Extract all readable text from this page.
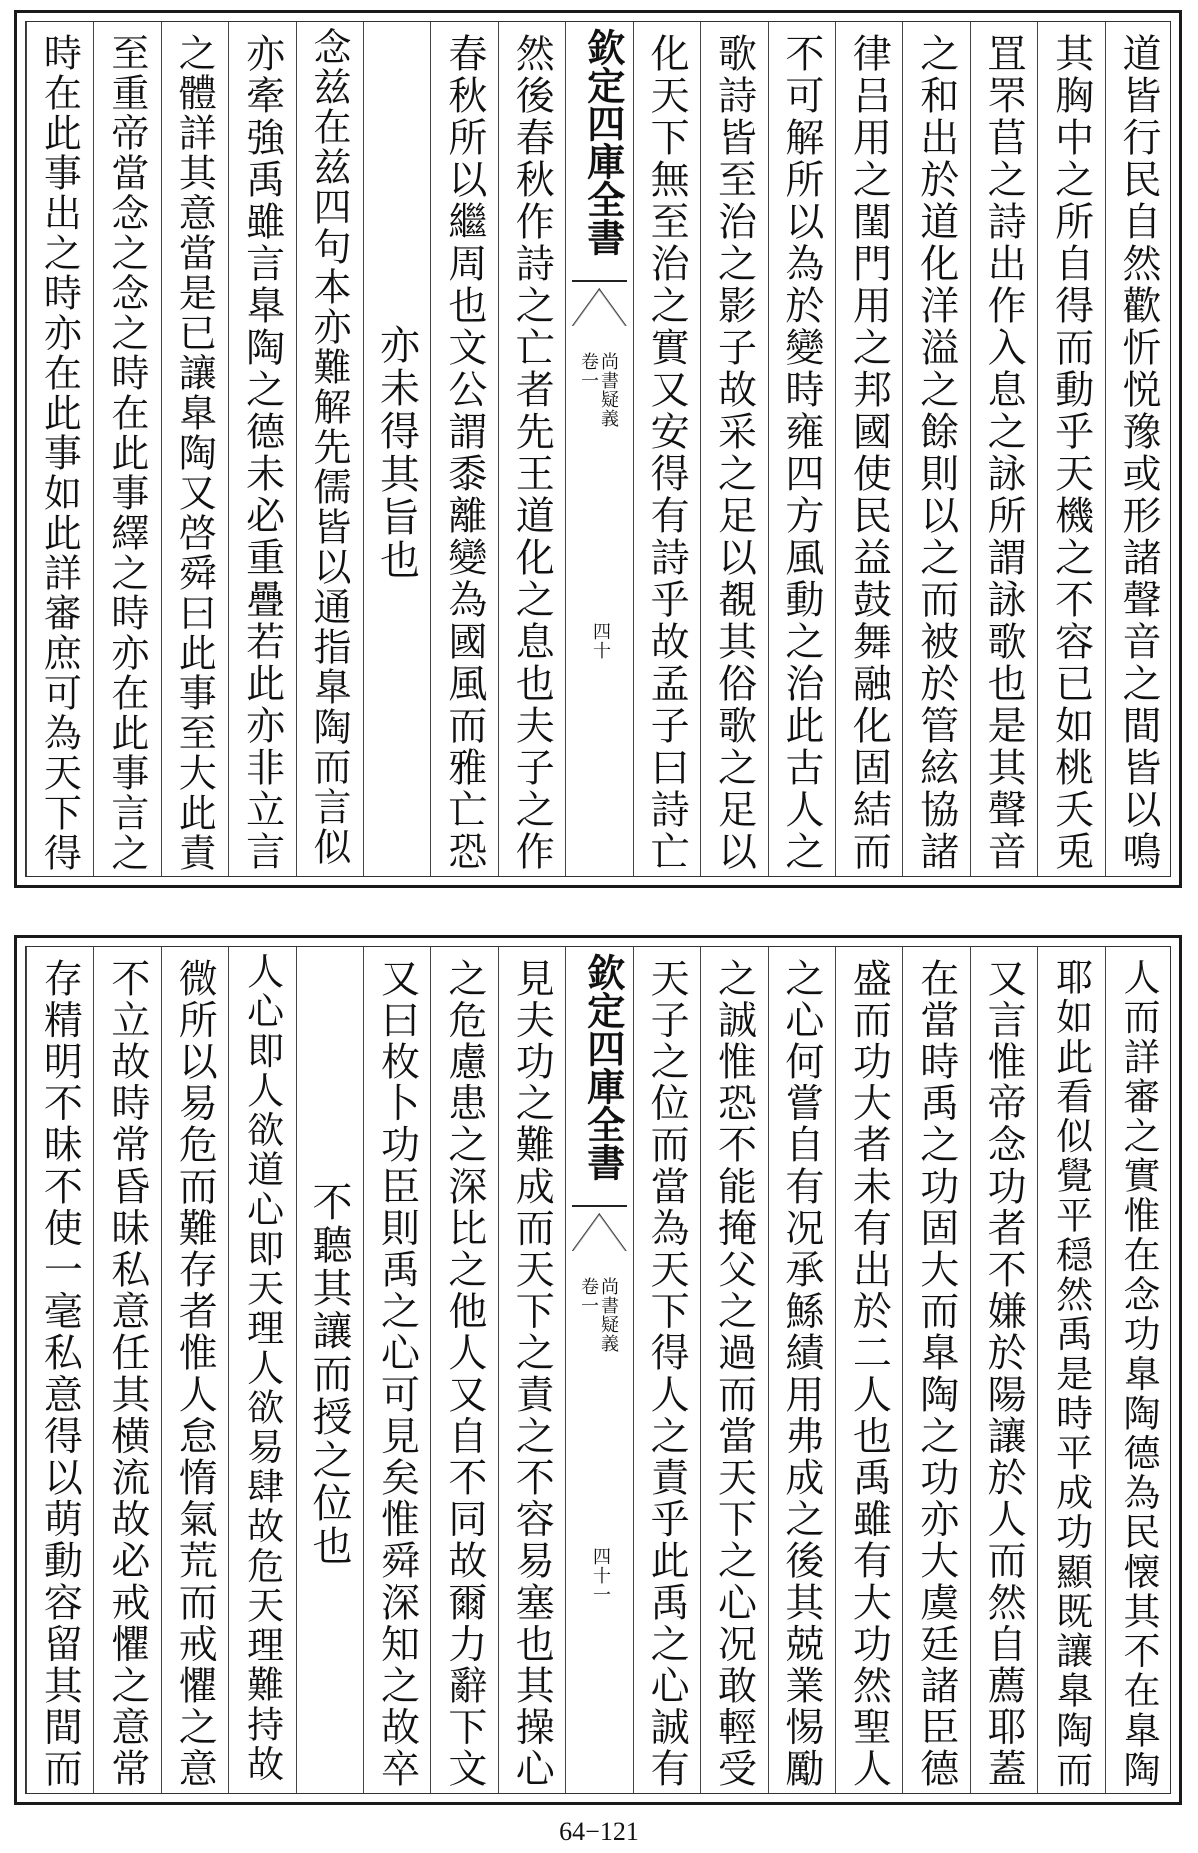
道皆行民自然歡忻悦豫或形諸聲音之間皆以鳴
其胸中之所自得而動乎天機之不容已如桃夭兎
罝罘苢之詩出作入息之詠所謂詠歌也是其聲音
之和出於道化洋溢之餘則以之而被於管絃協諸
律吕用之閨門用之邦國使民益鼓舞融化固結而
不可解所以為於變時雍四方風動之治此古人之
歌詩皆至治之影子故采之足以覩其俗歌之足以
化天下無至治之實又安得有詩乎故孟子曰詩亡
欽定四庫全書
尚書疑義
卷一
四十
然後春秋作詩之亡者先王道化之息也夫子之作
春秋所以繼周也文公謂黍離變為國風而雅亡恐
亦未得其旨也
念兹在兹四句本亦難解先儒皆以通指臯陶而言似
亦牽強禹雖言臯陶之德未必重疊若此亦非立言
之體詳其意當是已讓臯陶又啓舜曰此事至大此責
至重帝當念之念之時在此事繹之時亦在此事言之
時在此事出之時亦在此事如此詳審庶可為天下得
人而詳審之實惟在念功臯陶德為民懐其不在臯陶
耶如此看似覺平穏然禹是時平成功顯既讓臯陶而
又言惟帝念功者不嫌於陽讓於人而然自薦耶蓋
在當時禹之功固大而臯陶之功亦大虞廷諸臣德
盛而功大者未有出於二人也禹雖有大功然聖人
之心何嘗自有况承鯀績用弗成之後其兢業惕勵
之誠惟恐不能掩父之過而當天下之心况敢輕受
天子之位而當為天下得人之責乎此禹之心誠有
欽定四庫全書
尚書疑義
卷一
四十一
見夫功之難成而天下之責之不容易塞也其操心
之危慮患之深比之他人又自不同故爾力辭下文
又曰枚卜功臣則禹之心可見矣惟舜深知之故卒
不聽其讓而授之位也
人心即人欲道心即天理人欲易肆故危天理難持故
微所以易危而難存者惟人怠惰氣荒而戒懼之意
不立故時常昏昧私意任其横流故必戒懼之意常
存精明不昧不使一毫私意得以萌動容留其間而
64−121
